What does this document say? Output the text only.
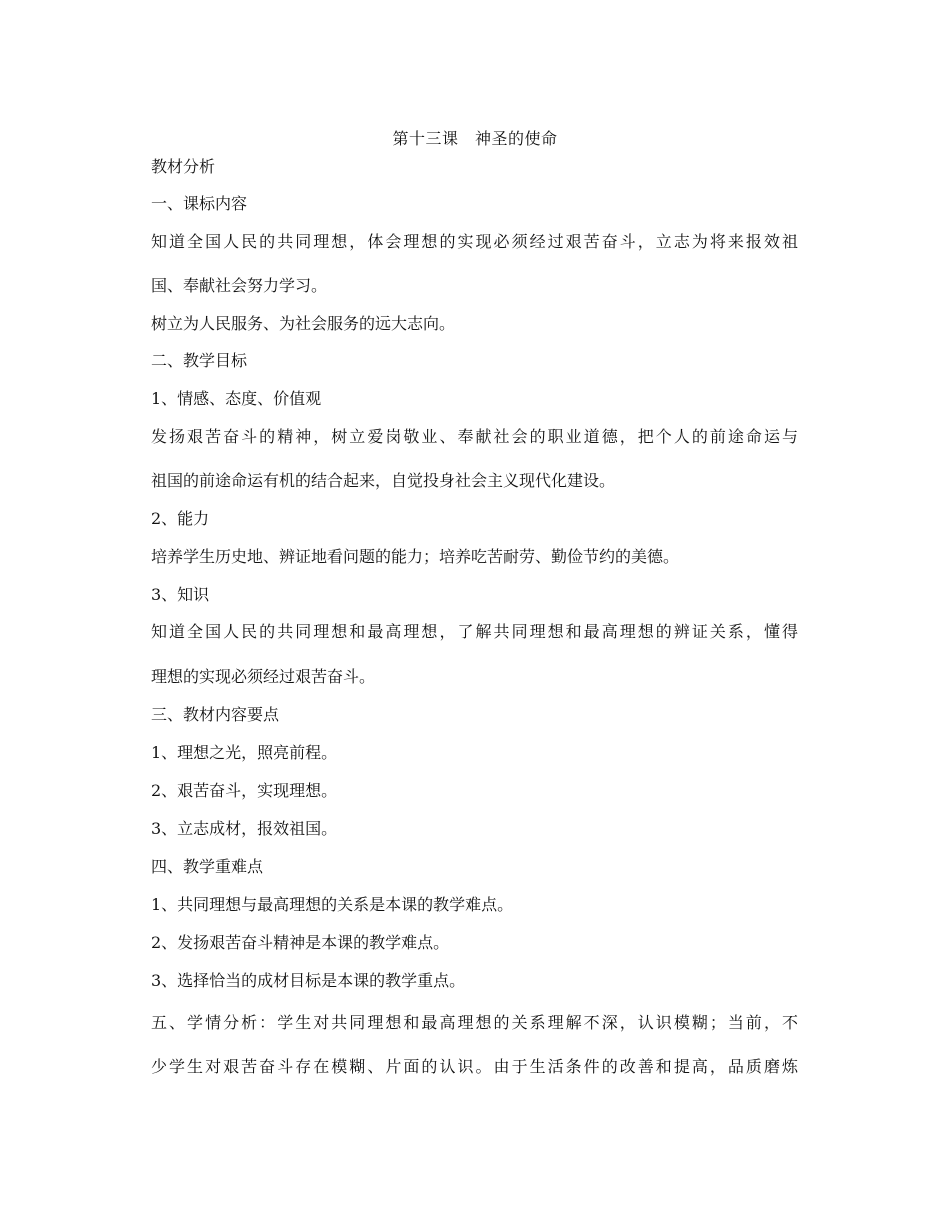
第十三课　神圣的使命
教材分析
一、课标内容
知道全国人民的共同理想，体会理想的实现必须经过艰苦奋斗，立志为将来报效祖
国、奉献社会努力学习。
树立为人民服务、为社会服务的远大志向。
二、教学目标
1、情感、态度、价值观
发扬艰苦奋斗的精神，树立爱岗敬业、奉献社会的职业道德，把个人的前途命运与
祖国的前途命运有机的结合起来，自觉投身社会主义现代化建设。
2、能力
培养学生历史地、辨证地看问题的能力；培养吃苦耐劳、勤俭节约的美德。
3、知识
知道全国人民的共同理想和最高理想，了解共同理想和最高理想的辨证关系，懂得
理想的实现必须经过艰苦奋斗。
三、教材内容要点
1、理想之光，照亮前程。
2、艰苦奋斗，实现理想。
3、立志成材，报效祖国。
四、教学重难点
1、共同理想与最高理想的关系是本课的教学难点。
2、发扬艰苦奋斗精神是本课的教学难点。
3、选择恰当的成材目标是本课的教学重点。
五、学情分析：学生对共同理想和最高理想的关系理解不深，认识模糊；当前，不
少学生对艰苦奋斗存在模糊、片面的认识。由于生活条件的改善和提高，品质磨炼
